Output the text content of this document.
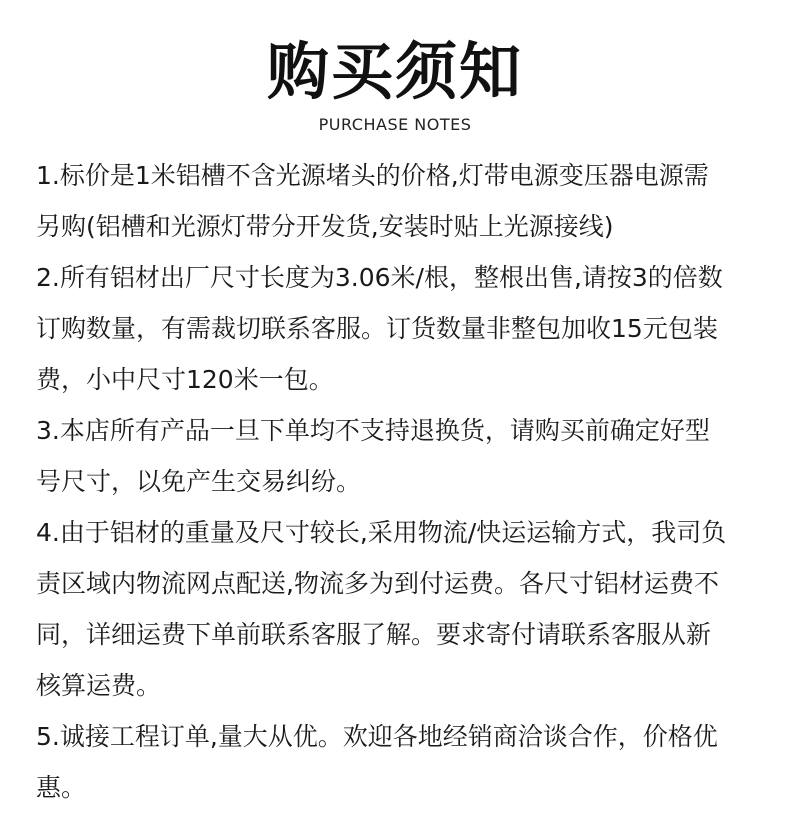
购买须知
PURCHASE NOTES
1.标价是1米铝槽不含光源堵头的价格,灯带电源变压器电源需
另购(铝槽和光源灯带分开发货,安装时贴上光源接线)
2.所有铝材出厂尺寸长度为3.06米/根，整根出售,请按3的倍数
订购数量，有需裁切联系客服。订货数量非整包加收15元包装
费，小中尺寸120米一包。
3.本店所有产品一旦下单均不支持退换货，请购买前确定好型
号尺寸，以免产生交易纠纷。
4.由于铝材的重量及尺寸较长,采用物流/快运运输方式，我司负
责区域内物流网点配送,物流多为到付运费。各尺寸铝材运费不
同，详细运费下单前联系客服了解。要求寄付请联系客服从新
核算运费。
5.诚接工程订单,量大从优。欢迎各地经销商洽谈合作，价格优
惠。
